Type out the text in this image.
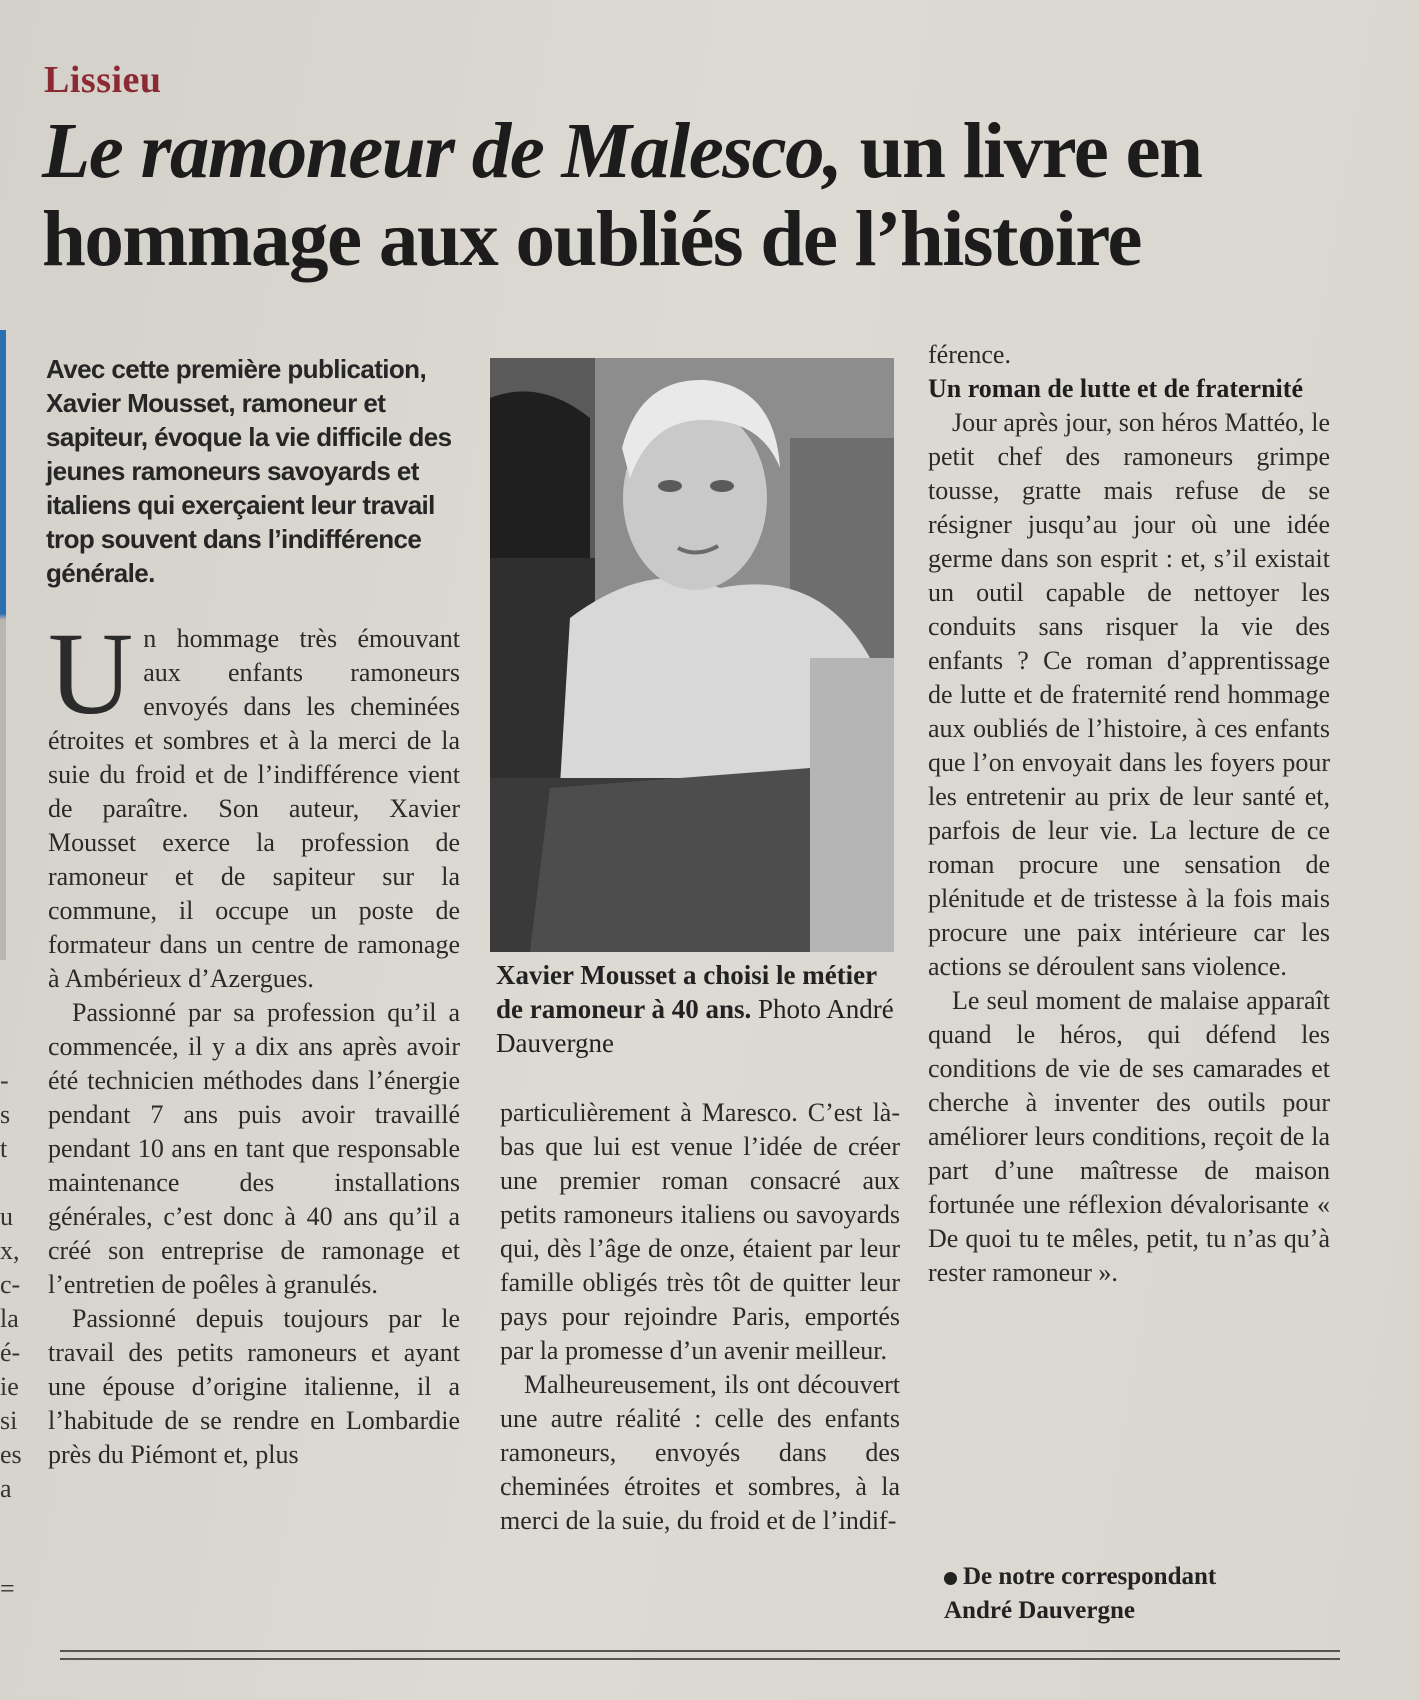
-
s
t
u
x,
c-
la
é-
ie
si
es
a
=
Lissieu
Le ramoneur de Malesco, un livre en hommage aux oubliés de l’histoire

Avec cette première publication, Xavier Mousset, ramoneur et sapiteur, évoque la vie difficile des jeunes ramoneurs savoyards et italiens qui exerçaient leur travail trop souvent dans l’indifférence générale.

Un hommage très émouvant aux enfants ramoneurs envoyés dans les cheminées étroites et sombres et à la merci de la suie du froid et de l’indifférence vient de paraître. Son auteur, Xavier Mousset exerce la profession de ramoneur et de sapiteur sur la commune, il occupe un poste de formateur dans un centre de ramonage à Ambérieux d’Azergues.

Passionné par sa profession qu’il a commencée, il y a dix ans après avoir été technicien méthodes dans l’énergie pendant 7 ans puis avoir travaillé pendant 10 ans en tant que responsable maintenance des installations générales, c’est donc à 40 ans qu’il a créé son entreprise de ramonage et l’entretien de poêles à granulés.

Passionné depuis toujours par le travail des petits ramoneurs et ayant une épouse d’origine italienne, il a l’habitude de se rendre en Lombardie près du Piémont et, plus

Xavier Mousset a choisi le métier de ramoneur à 40 ans. Photo André Dauvergne

particulièrement à Maresco. C’est là-bas que lui est venue l’idée de créer une premier roman consacré aux petits ramoneurs italiens ou savoyards qui, dès l’âge de onze, étaient par leur famille obligés très tôt de quitter leur pays pour rejoindre Paris, emportés par la promesse d’un avenir meilleur.

Malheureusement, ils ont découvert une autre réalité : celle des enfants ramoneurs, envoyés dans des cheminées étroites et sombres, à la merci de la suie, du froid et de l’indif-

férence.

Un roman de lutte et de fraternité

Jour après jour, son héros Mattéo, le petit chef des ramoneurs grimpe tousse, gratte mais refuse de se résigner jusqu’au jour où une idée germe dans son esprit : et, s’il existait un outil capable de nettoyer les conduits sans risquer la vie des enfants ? Ce roman d’apprentissage de lutte et de fraternité rend hommage aux oubliés de l’histoire, à ces enfants que l’on envoyait dans les foyers pour les entretenir au prix de leur santé et, parfois de leur vie. La lecture de ce roman procure une sensation de plénitude et de tristesse à la fois mais procure une paix intérieure car les actions se déroulent sans violence.

Le seul moment de malaise apparaît quand le héros, qui défend les conditions de vie de ses camarades et cherche à inventer des outils pour améliorer leurs conditions, reçoit de la part d’une maîtresse de maison fortunée une réflexion dévalorisante « De quoi tu te mêles, petit, tu n’as qu’à rester ramoneur ».

De notre correspondant
André Dauvergne
